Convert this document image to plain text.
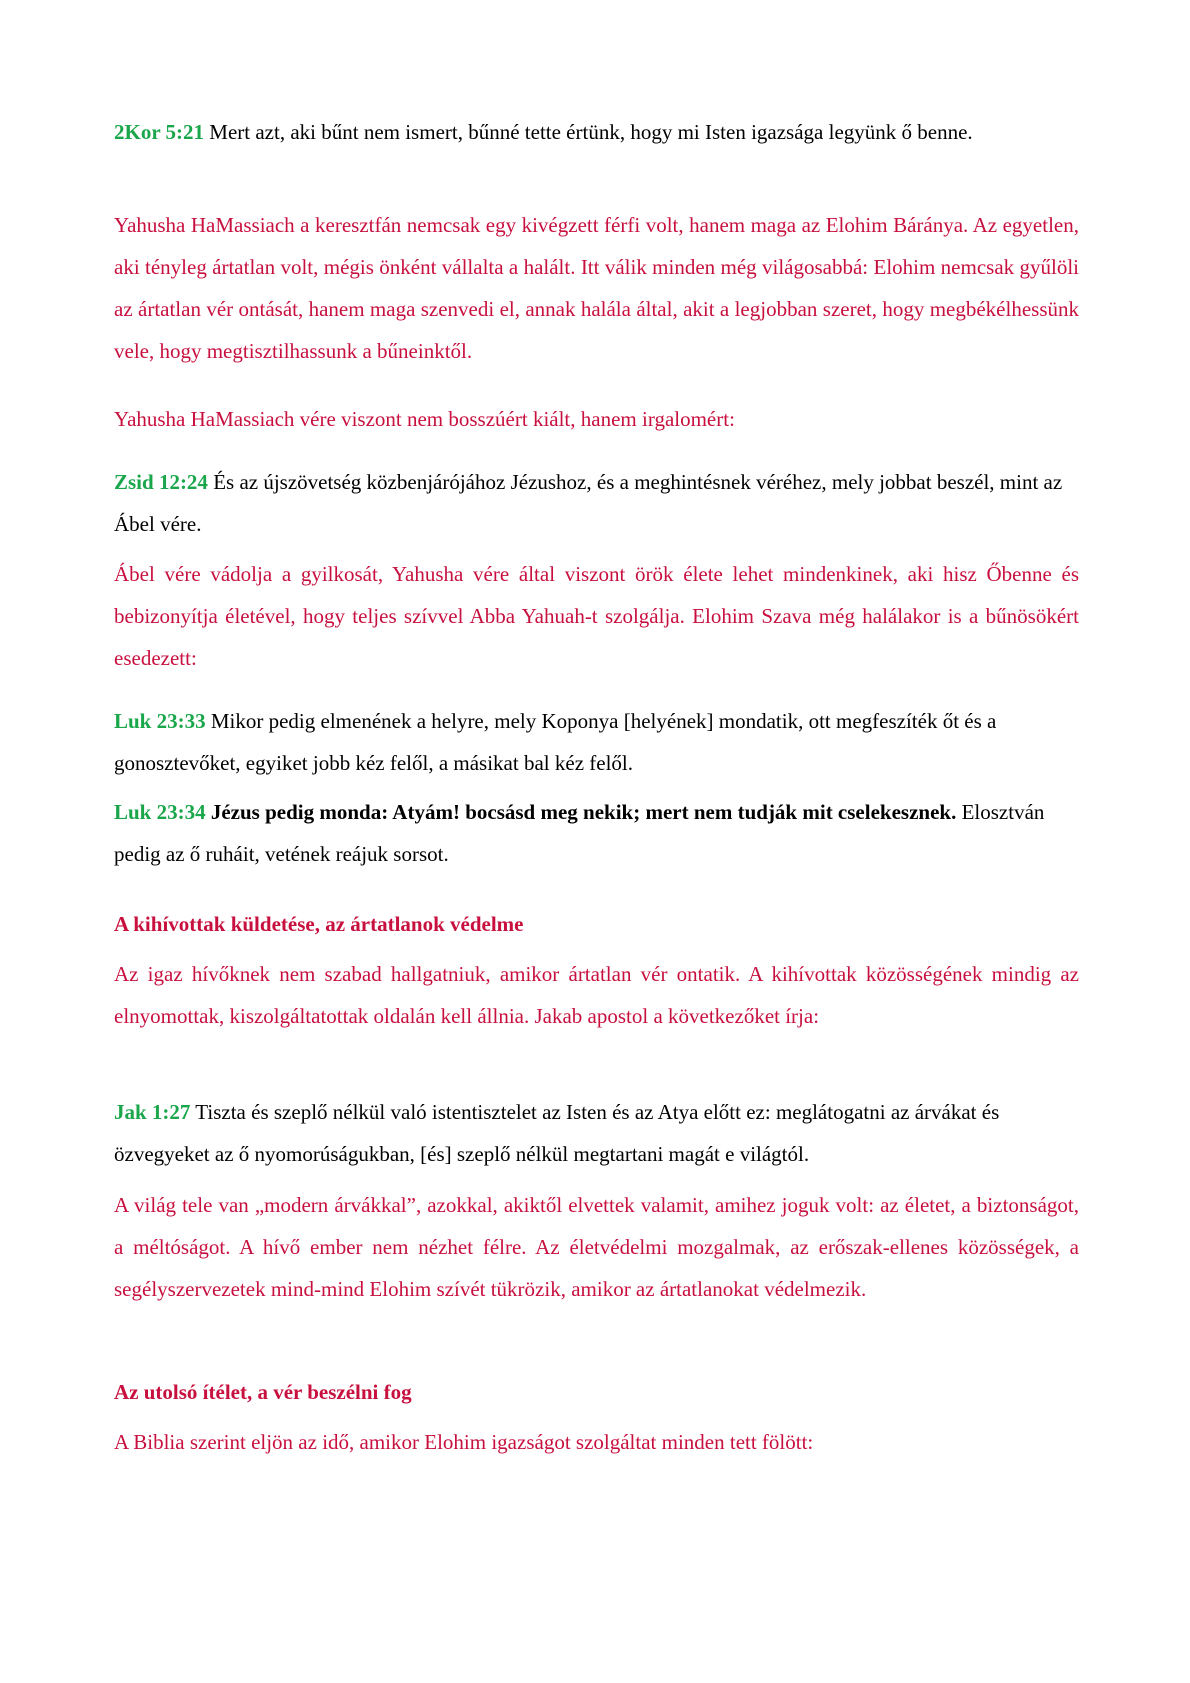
2Kor 5:21 Mert azt, aki bűnt nem ismert, bűnné tette értünk, hogy mi Isten igazsága legyünk ő benne.

Yahusha HaMassiach a keresztfán nemcsak egy kivégzett férfi volt, hanem maga az Elohim Báránya. Az egyetlen, aki tényleg ártatlan volt, mégis önként vállalta a halált. Itt válik minden még világosabbá: Elohim nemcsak gyűlöli az ártatlan vér ontását, hanem maga szenvedi el, annak halála által, akit a legjobban szeret, hogy megbékélhessünk vele, hogy megtisztilhassunk a bűneinktől.

Yahusha HaMassiach vére viszont nem bosszúért kiált, hanem irgalomért:

Zsid 12:24 És az újszövetség közbenjárójához Jézushoz, és a meghintésnek véréhez, mely jobbat beszél, mint az Ábel vére.

Ábel vére vádolja a gyilkosát, Yahusha vére által viszont örök élete lehet mindenkinek, aki hisz Őbenne és bebizonyítja életével, hogy teljes szívvel Abba Yahuah-t szolgálja. Elohim Szava még halálakor is a bűnösökért esedezett:

Luk 23:33 Mikor pedig elmenének a helyre, mely Koponya [helyének] mondatik, ott megfeszíték őt és a gonosztevőket, egyiket jobb kéz felől, a másikat bal kéz felől.

Luk 23:34 Jézus pedig monda: Atyám! bocsásd meg nekik; mert nem tudják mit cselekesznek. Elosztván pedig az ő ruháit, vetének reájuk sorsot.

A kihívottak küldetése, az ártatlanok védelme

Az igaz hívőknek nem szabad hallgatniuk, amikor ártatlan vér ontatik. A kihívottak közösségének mindig az elnyomottak, kiszolgáltatottak oldalán kell állnia. Jakab apostol a következőket írja:

Jak 1:27 Tiszta és szeplő nélkül való istentisztelet az Isten és az Atya előtt ez: meglátogatni az árvákat és özvegyeket az ő nyomorúságukban, [és] szeplő nélkül megtartani magát e világtól.

A világ tele van „modern árvákkal”, azokkal, akiktől elvettek valamit, amihez joguk volt: az életet, a biztonságot, a méltóságot. A hívő ember nem nézhet félre. Az életvédelmi mozgalmak, az erőszak-ellenes közösségek, a segélyszervezetek mind-mind Elohim szívét tükrözik, amikor az ártatlanokat védelmezik.

Az utolsó ítélet, a vér beszélni fog

A Biblia szerint eljön az idő, amikor Elohim igazságot szolgáltat minden tett fölött:
